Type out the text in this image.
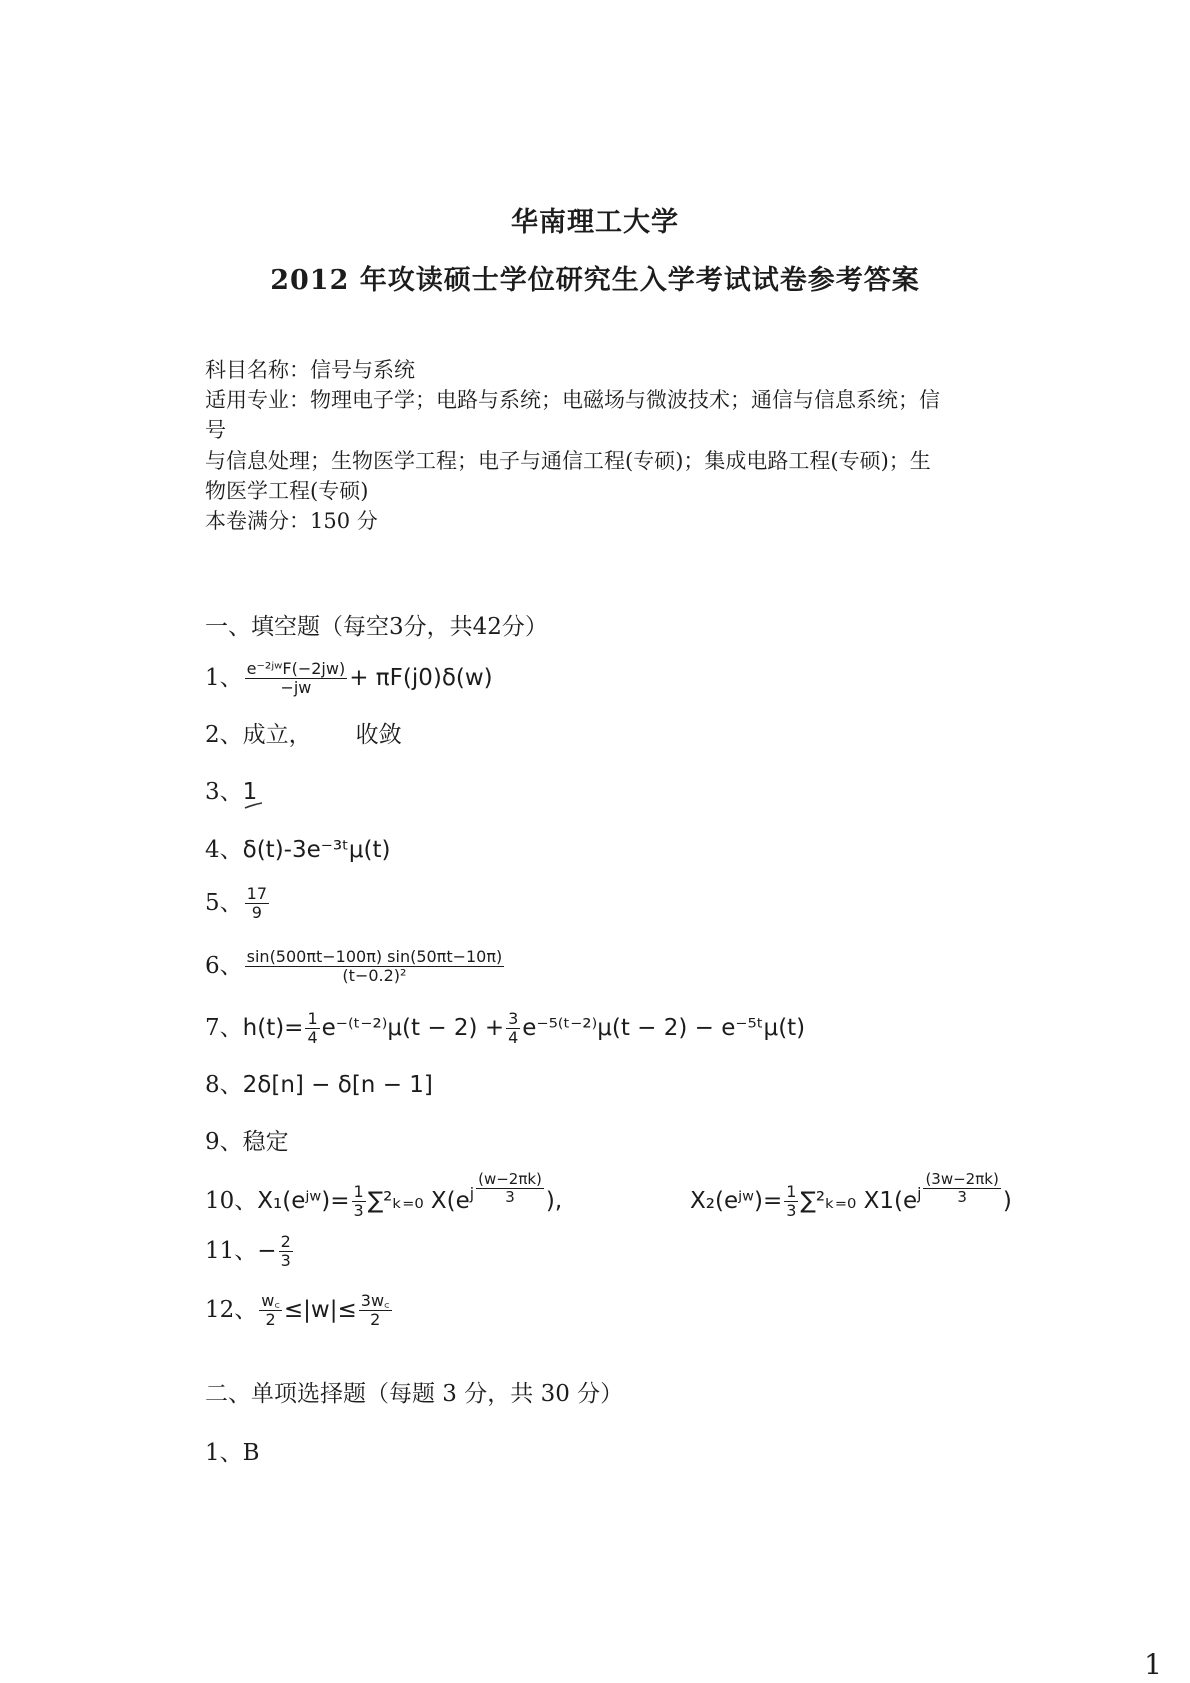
华南理工大学
2012 年攻读硕士学位研究生入学考试试卷参考答案
科目名称：信号与系统
适用专业：物理电子学；电路与系统；电磁场与微波技术；通信与信息系统；信
号
与信息处理；生物医学工程；电子与通信工程(专硕)；集成电路工程(专硕)；生
物医学工程(专硕)
本卷满分：150 分
一、填空题（每空3分，共42分）
1、 $\frac{\text{e⁻²ʲʷF(−2jw)}}{-jw} + \pi F(j0)\delta(w)$
2、成立， 收敛
3、1
4、δ(t)-3e⁻³ᵗμ(t)
5、 $\frac{17}{9}$
6、 $\frac{\sin(500\pi t-100\pi) \sin(50\pi t-10\pi)}{\text{(t−0.2)²}}$
7、$h(t)= \frac{1}{4}$ e⁻⁽ᵗ⁻²⁾μ(t − $2) + \frac{3}{4}$ e⁻⁵⁽ᵗ⁻²⁾μ(t − 2) − e⁻⁵ᵗμ(t)
8、2δ[n] − δ[n − 1]
9、稳定
10、X₁(eʲʷ)= $\frac{1}{3} \sum^2_{k=0}$ $X(e^j \frac{(w-2\pi k)}{3}$ ),	X₂(eʲʷ)= $\frac{1}{3} \sum^2_{k=0}$ $X1(e^j \frac{(3w-2\pi k)}{3}$ )
11、− $\frac{2}{3}$
12、 $\frac{w꜀}{2} \le|w|\le \frac{3w꜀}{2}$
二、单项选择题（每题 3 分，共 30 分）
1、B
1
